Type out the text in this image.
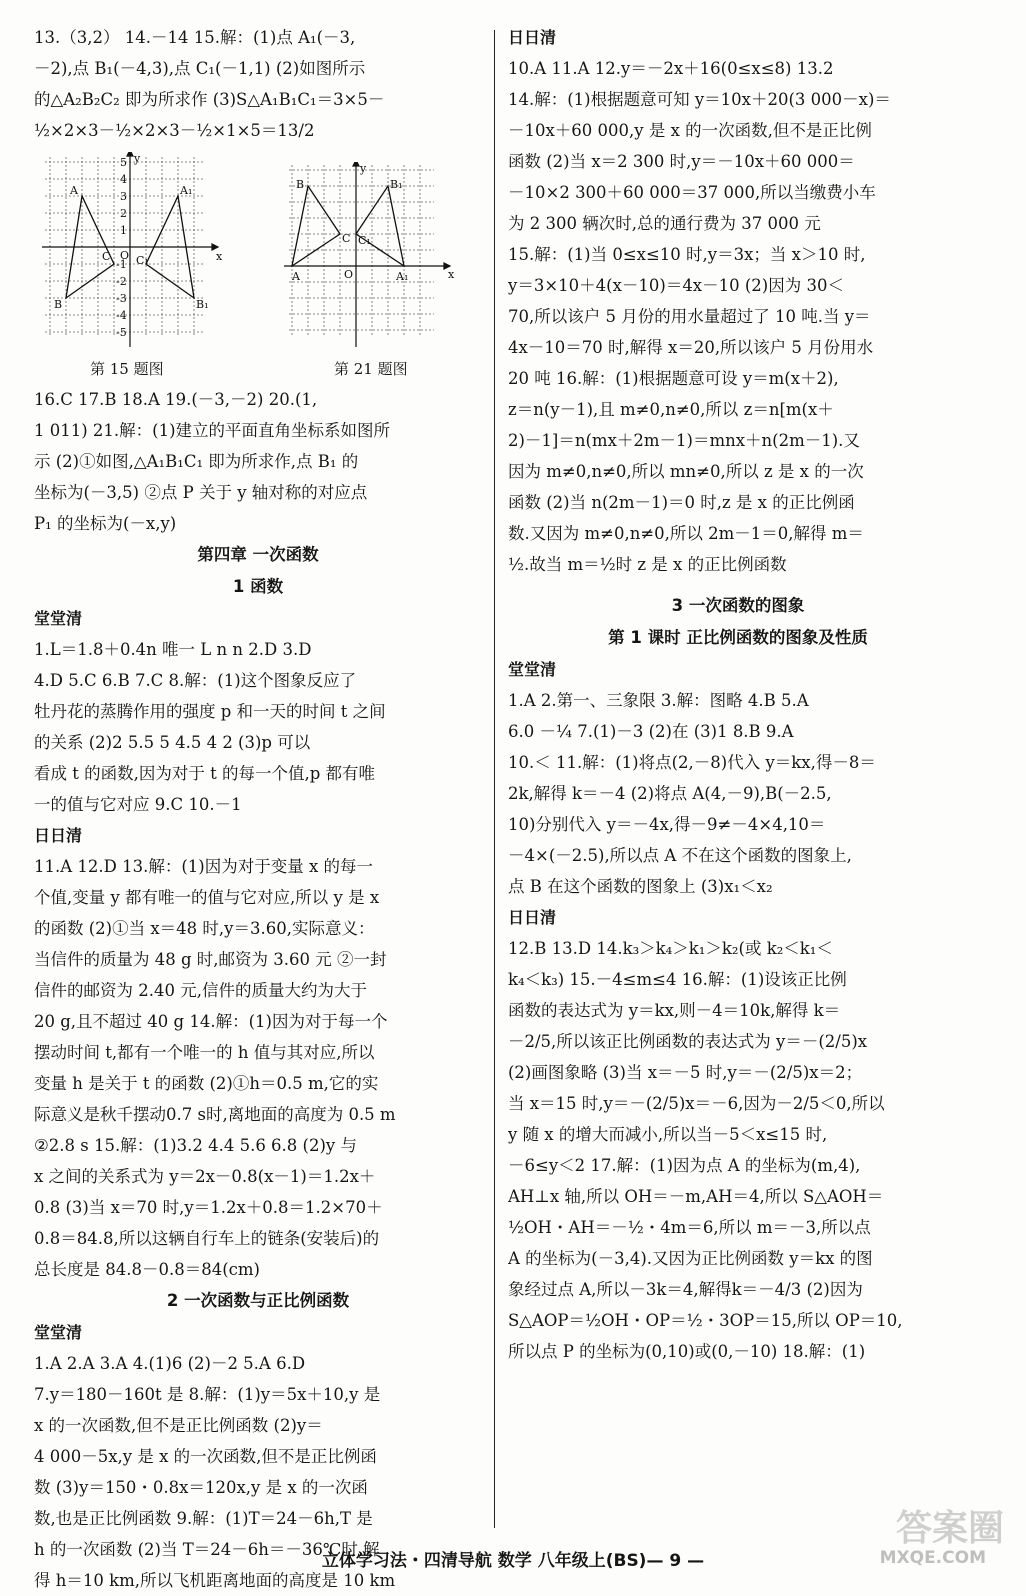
13.（3,2） 14.－14 15.解：(1)点 A₁(－3,
－2),点 B₁(－4,3),点 C₁(－1,1) (2)如图所示
的△A₂B₂C₂ 即为所求作 (3)S△A₁B₁C₁＝3×5－
½×2×3－½×2×3－½×1×5＝13/2
y
x
A
B
C
A₁
B₁
C₁
O
5
4
3
2
1
-1
-2
-3
-4
-5
y
x
B
C
A
B₁
C₁
A₁
O
第 15 题图	第 21 题图
16.C 17.B 18.A 19.(－3,－2) 20.(1,
1 011) 21.解：(1)建立的平面直角坐标系如图所
示 (2)①如图,△A₁B₁C₁ 即为所求作,点 B₁ 的
坐标为(－3,5) ②点 P 关于 y 轴对称的对应点
P₁ 的坐标为(－x,y)
第四章 一次函数
1 函数
堂堂清
1.L＝1.8＋0.4n 唯一 L n n 2.D 3.D
4.D 5.C 6.B 7.C 8.解：(1)这个图象反应了
牡丹花的蒸腾作用的强度 p 和一天的时间 t 之间
的关系 (2)2 5.5 5 4.5 4 2 (3)p 可以
看成 t 的函数,因为对于 t 的每一个值,p 都有唯
一的值与它对应 9.C 10.－1
日日清
11.A 12.D 13.解：(1)因为对于变量 x 的每一
个值,变量 y 都有唯一的值与它对应,所以 y 是 x
的函数 (2)①当 x＝48 时,y＝3.60,实际意义：
当信件的质量为 48 g 时,邮资为 3.60 元 ②一封
信件的邮资为 2.40 元,信件的质量大约为大于
20 g,且不超过 40 g 14.解：(1)因为对于每一个
摆动时间 t,都有一个唯一的 h 值与其对应,所以
变量 h 是关于 t 的函数 (2)①h＝0.5 m,它的实
际意义是秋千摆动0.7 s时,离地面的高度为 0.5 m
②2.8 s 15.解：(1)3.2 4.4 5.6 6.8 (2)y 与
x 之间的关系式为 y＝2x－0.8(x－1)＝1.2x＋
0.8 (3)当 x＝70 时,y＝1.2x＋0.8＝1.2×70＋
0.8＝84.8,所以这辆自行车上的链条(安装后)的
总长度是 84.8－0.8＝84(cm)
2 一次函数与正比例函数
堂堂清
1.A 2.A 3.A 4.(1)6 (2)－2 5.A 6.D
7.y＝180－160t 是 8.解：(1)y＝5x＋10,y 是
x 的一次函数,但不是正比例函数 (2)y＝
4 000－5x,y 是 x 的一次函数,但不是正比例函
数 (3)y＝150・0.8x＝120x,y 是 x 的一次函
数,也是正比例函数 9.解：(1)T＝24－6h,T 是
h 的一次函数 (2)当 T＝24－6h＝－36℃时,解
得 h＝10 km,所以飞机距离地面的高度是 10 km
日日清
10.A 11.A 12.y＝－2x＋16(0≤x≤8) 13.2
14.解：(1)根据题意可知 y＝10x＋20(3 000－x)＝
－10x＋60 000,y 是 x 的一次函数,但不是正比例
函数 (2)当 x＝2 300 时,y＝－10x＋60 000＝
－10×2 300＋60 000＝37 000,所以当缴费小车
为 2 300 辆次时,总的通行费为 37 000 元
15.解：(1)当 0≤x≤10 时,y＝3x；当 x＞10 时,
y＝3×10＋4(x－10)＝4x－10 (2)因为 30＜
70,所以该户 5 月份的用水量超过了 10 吨.当 y＝
4x－10＝70 时,解得 x＝20,所以该户 5 月份用水
20 吨 16.解：(1)根据题意可设 y＝m(x＋2),
z＝n(y－1),且 m≠0,n≠0,所以 z＝n[m(x＋
2)－1]＝n(mx＋2m－1)＝mnx＋n(2m－1).又
因为 m≠0,n≠0,所以 mn≠0,所以 z 是 x 的一次
函数 (2)当 n(2m－1)＝0 时,z 是 x 的正比例函
数.又因为 m≠0,n≠0,所以 2m－1＝0,解得 m＝
½.故当 m＝½时 z 是 x 的正比例函数
3 一次函数的图象
第 1 课时 正比例函数的图象及性质
堂堂清
1.A 2.第一、三象限 3.解：图略 4.B 5.A
6.0 －¼ 7.(1)－3 (2)在 (3)1 8.B 9.A
10.＜ 11.解：(1)将点(2,－8)代入 y＝kx,得－8＝
2k,解得 k＝－4 (2)将点 A(4,－9),B(－2.5,
10)分别代入 y＝－4x,得－9≠－4×4,10＝
－4×(－2.5),所以点 A 不在这个函数的图象上,
点 B 在这个函数的图象上 (3)x₁＜x₂
日日清
12.B 13.D 14.k₃＞k₄＞k₁＞k₂(或 k₂＜k₁＜
k₄＜k₃) 15.－4≤m≤4 16.解：(1)设该正比例
函数的表达式为 y＝kx,则－4＝10k,解得 k＝
－2/5,所以该正比例函数的表达式为 y＝－(2/5)x
(2)画图象略 (3)当 x＝－5 时,y＝－(2/5)x＝2；
当 x＝15 时,y＝－(2/5)x＝－6,因为－2/5＜0,所以
y 随 x 的增大而减小,所以当－5＜x≤15 时,
－6≤y＜2 17.解：(1)因为点 A 的坐标为(m,4),
AH⊥x 轴,所以 OH＝－m,AH＝4,所以 S△AOH＝
½OH・AH＝－½・4m＝6,所以 m＝－3,所以点
A 的坐标为(－3,4).又因为正比例函数 y＝kx 的图
象经过点 A,所以－3k＝4,解得k＝－4/3 (2)因为
S△AOP＝½OH・OP＝½・3OP＝15,所以 OP＝10,
所以点 P 的坐标为(0,10)或(0,－10) 18.解：(1)
答案圈
MXQE.COM
立体学习法・四清导航 数学 八年级上(BS)— 9 —
